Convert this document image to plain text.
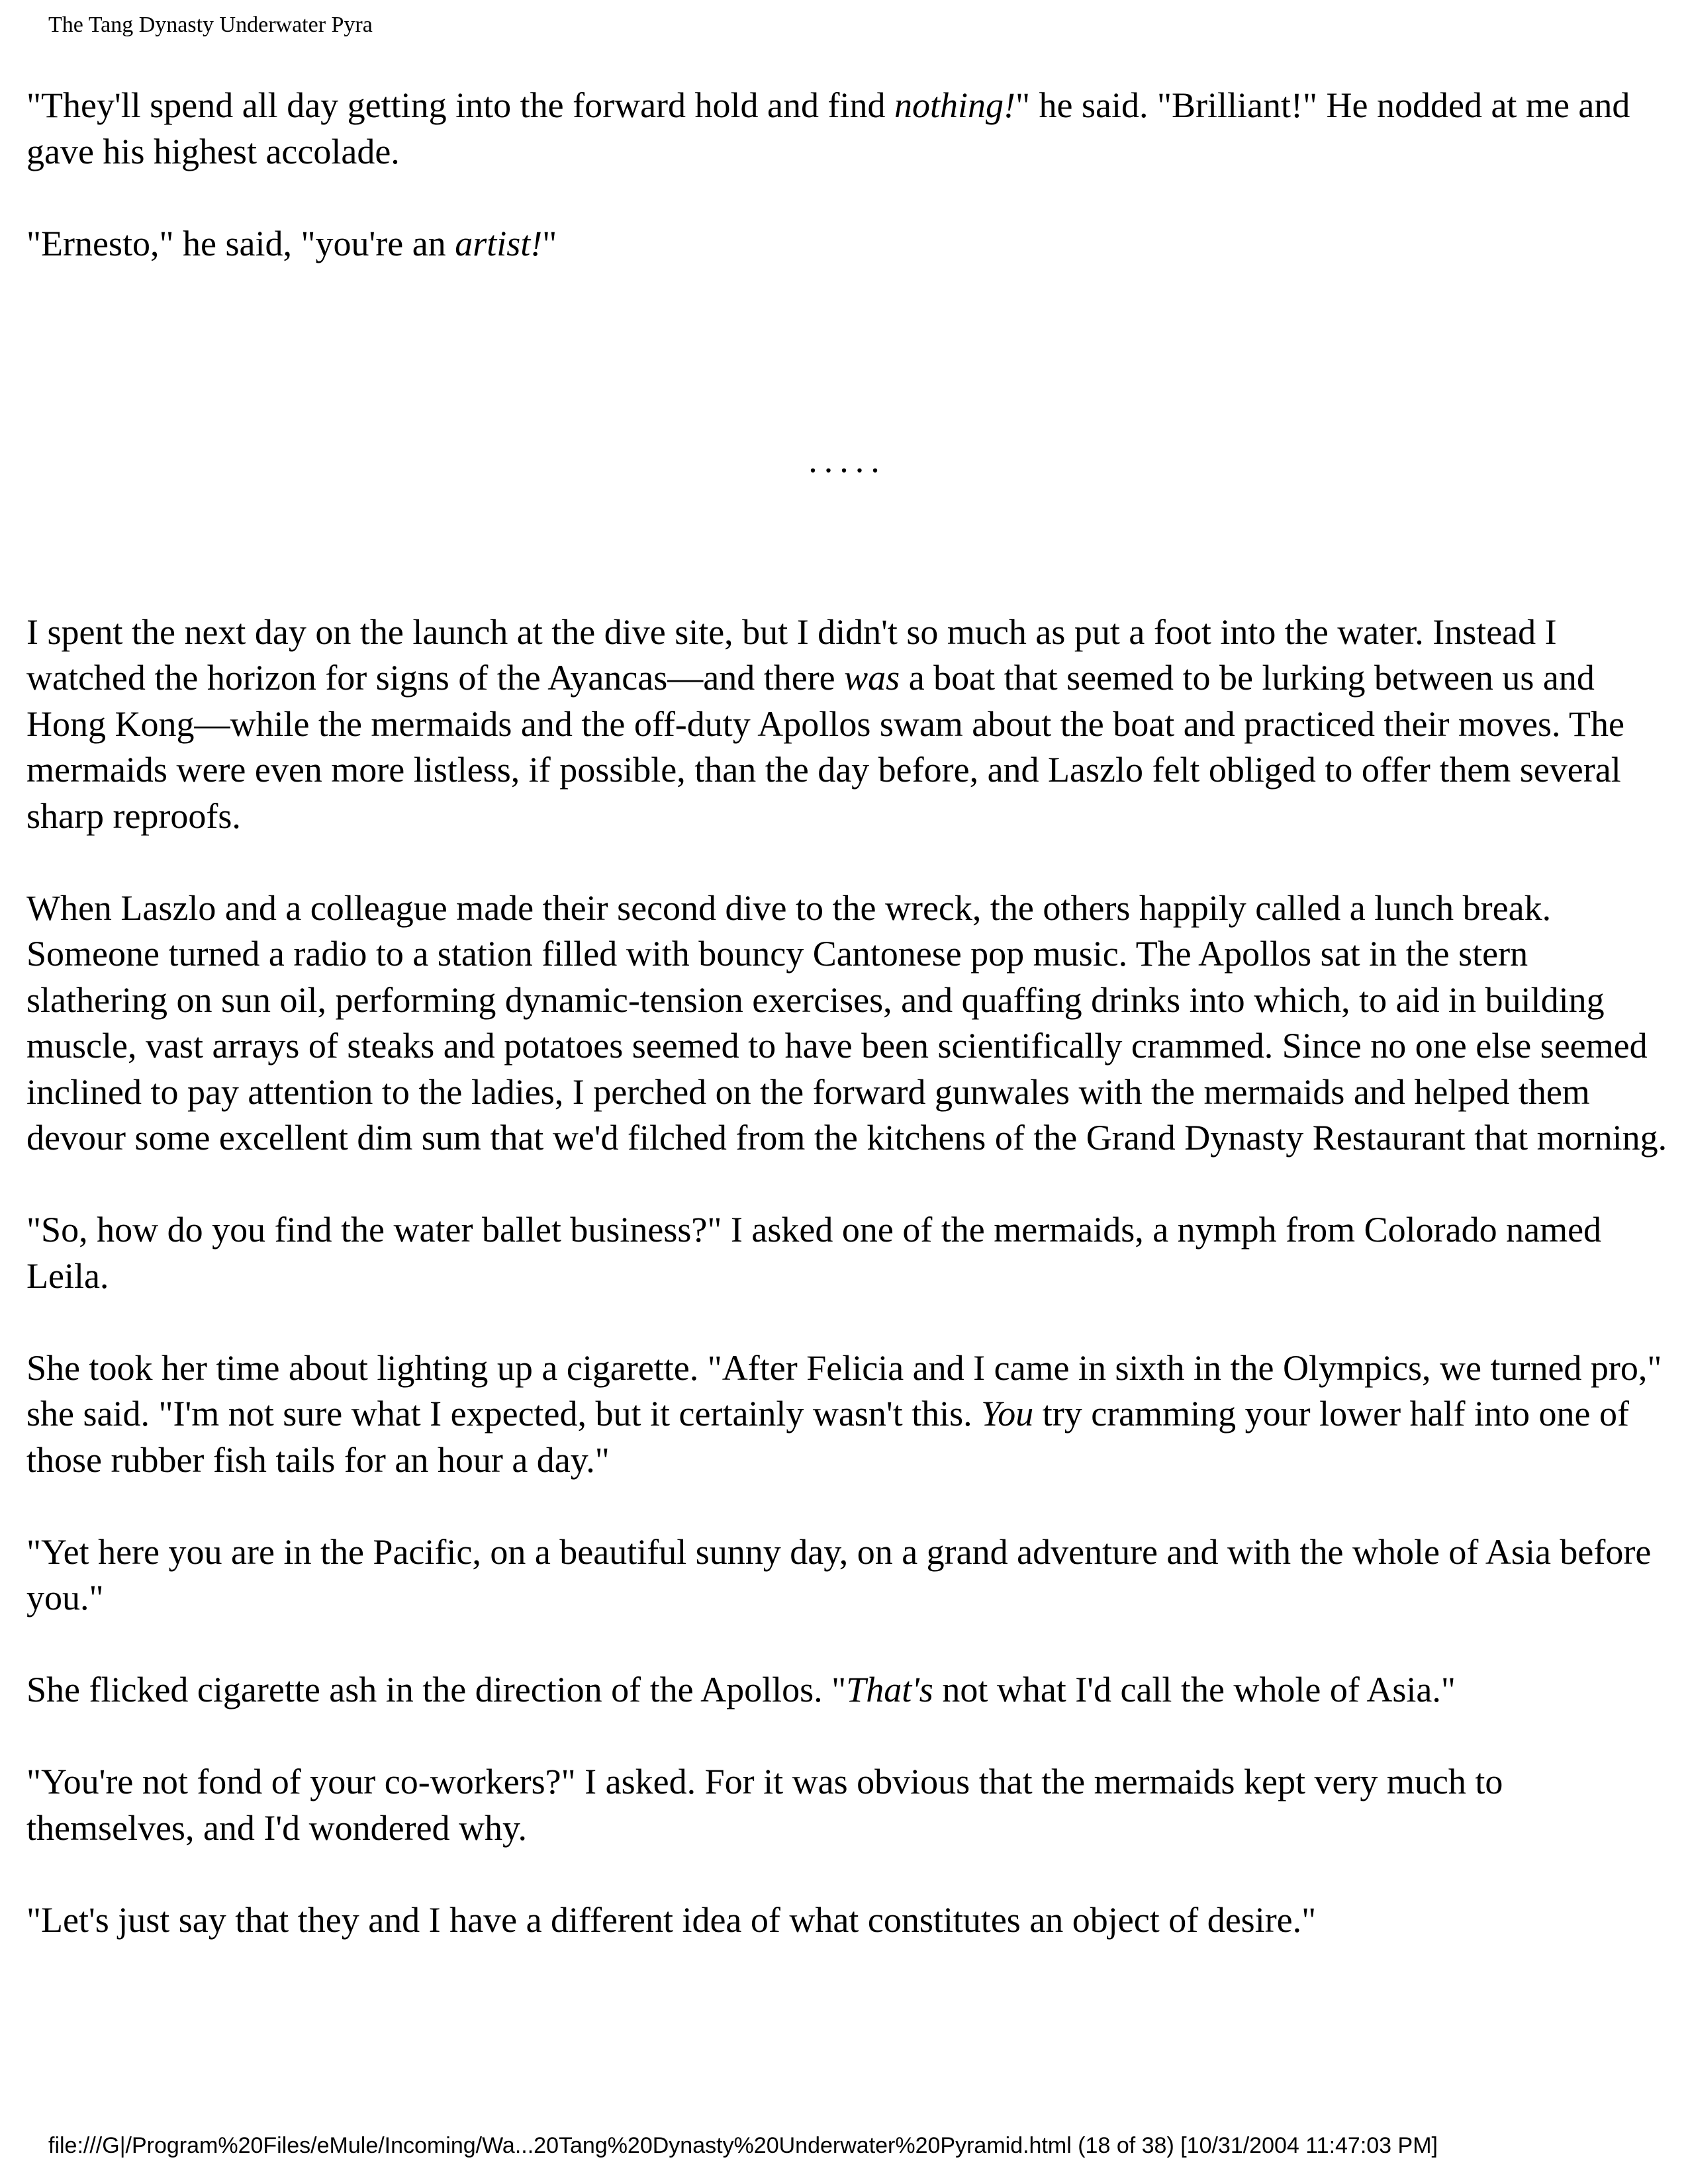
The Tang Dynasty Underwater Pyra

"They'll spend all day getting into the forward hold and find nothing!" he said. "Brilliant!" He nodded at me and gave his highest accolade.

"Ernesto," he said, "you're an artist!"

.....

I spent the next day on the launch at the dive site, but I didn't so much as put a foot into the water. Instead I watched the horizon for signs of the Ayancas—and there was a boat that seemed to be lurking between us and Hong Kong—while the mermaids and the off-duty Apollos swam about the boat and practiced their moves. The mermaids were even more listless, if possible, than the day before, and Laszlo felt obliged to offer them several sharp reproofs.

When Laszlo and a colleague made their second dive to the wreck, the others happily called a lunch break. Someone turned a radio to a station filled with bouncy Cantonese pop music. The Apollos sat in the stern slathering on sun oil, performing dynamic-tension exercises, and quaffing drinks into which, to aid in building muscle, vast arrays of steaks and potatoes seemed to have been scientifically crammed. Since no one else seemed inclined to pay attention to the ladies, I perched on the forward gunwales with the mermaids and helped them devour some excellent dim sum that we'd filched from the kitchens of the Grand Dynasty Restaurant that morning.

"So, how do you find the water ballet business?" I asked one of the mermaids, a nymph from Colorado named Leila.

She took her time about lighting up a cigarette. "After Felicia and I came in sixth in the Olympics, we turned pro," she said. "I'm not sure what I expected, but it certainly wasn't this. You try cramming your lower half into one of those rubber fish tails for an hour a day."

"Yet here you are in the Pacific, on a beautiful sunny day, on a grand adventure and with the whole of Asia before you."

She flicked cigarette ash in the direction of the Apollos. "That's not what I'd call the whole of Asia."

"You're not fond of your co-workers?" I asked. For it was obvious that the mermaids kept very much to themselves, and I'd wondered why.

"Let's just say that they and I have a different idea of what constitutes an object of desire."

file:///G|/Program%20Files/eMule/Incoming/Wa...20Tang%20Dynasty%20Underwater%20Pyramid.html (18 of 38) [10/31/2004 11:47:03 PM]
